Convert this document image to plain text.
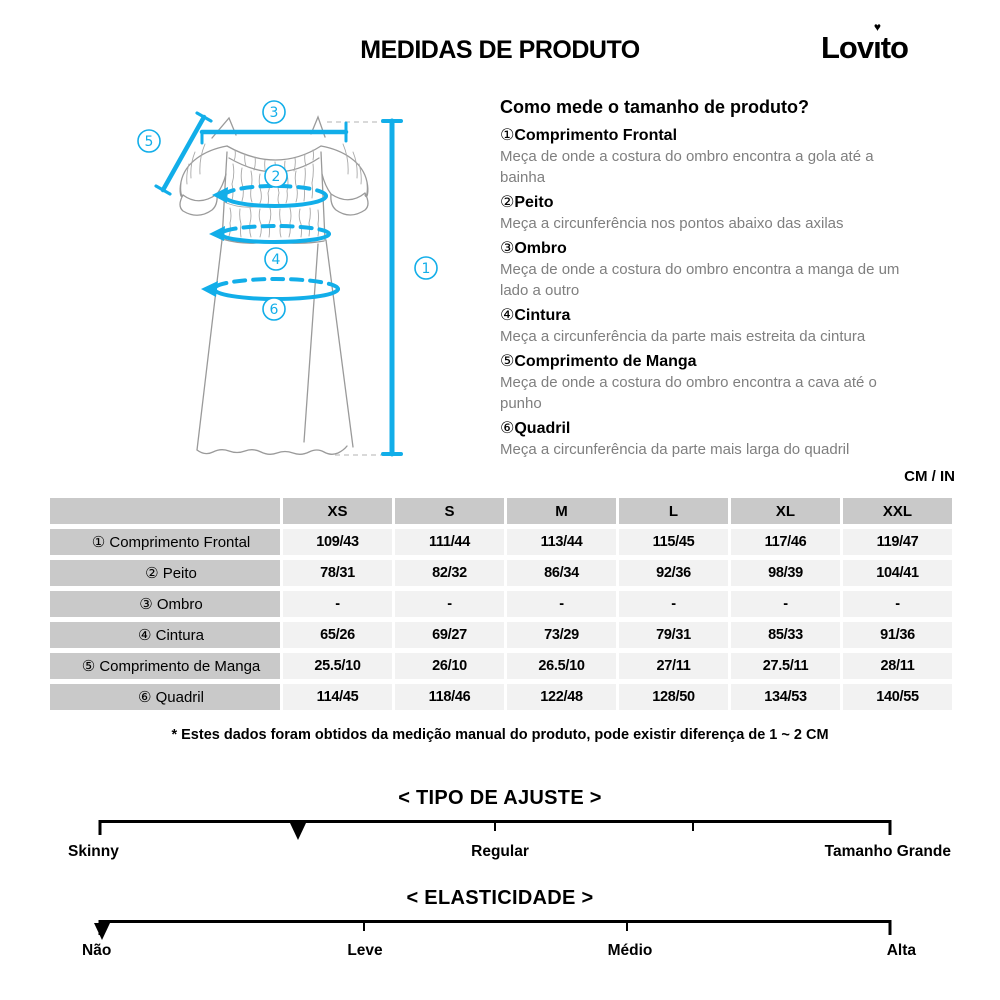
MEDIDAS DE PRODUTO	Lovı
♥
to
1
2
3
4
5
6
Como mede o tamanho de produto?
①Comprimento Frontal
Meça de onde a costura do ombro encontra a gola até a
bainha
②Peito
Meça a circunferência nos pontos abaixo das axilas
③Ombro
Meça de onde a costura do ombro encontra a manga de um
lado a outro
④Cintura
Meça a circunferência da parte mais estreita da cintura
⑤Comprimento de Manga
Meça de onde a costura do ombro encontra a cava até o
punho
⑥Quadril
Meça a circunferência da parte mais larga do quadril
CM / IN
	XS	S	M	L	XL	XXL
① Comprimento Frontal	109/43	111/44	113/44	115/45	117/46	119/47
② Peito	78/31	82/32	86/34	92/36	98/39	104/41
③ Ombro	-	-	-	-	-	-
④ Cintura	65/26	69/27	73/29	79/31	85/33	91/36
⑤ Comprimento de Manga	25.5/10	26/10	26.5/10	27/11	27.5/11	28/11
⑥ Quadril	114/45	118/46	122/48	128/50	134/53	140/55
* Estes dados foram obtidos da medição manual do produto, pode existir diferença de 1 ~ 2 CM
< TIPO DE AJUSTE >
Skinny	Regular	Tamanho Grande
< ELASTICIDADE >
Não	Leve	Médio	Alta
